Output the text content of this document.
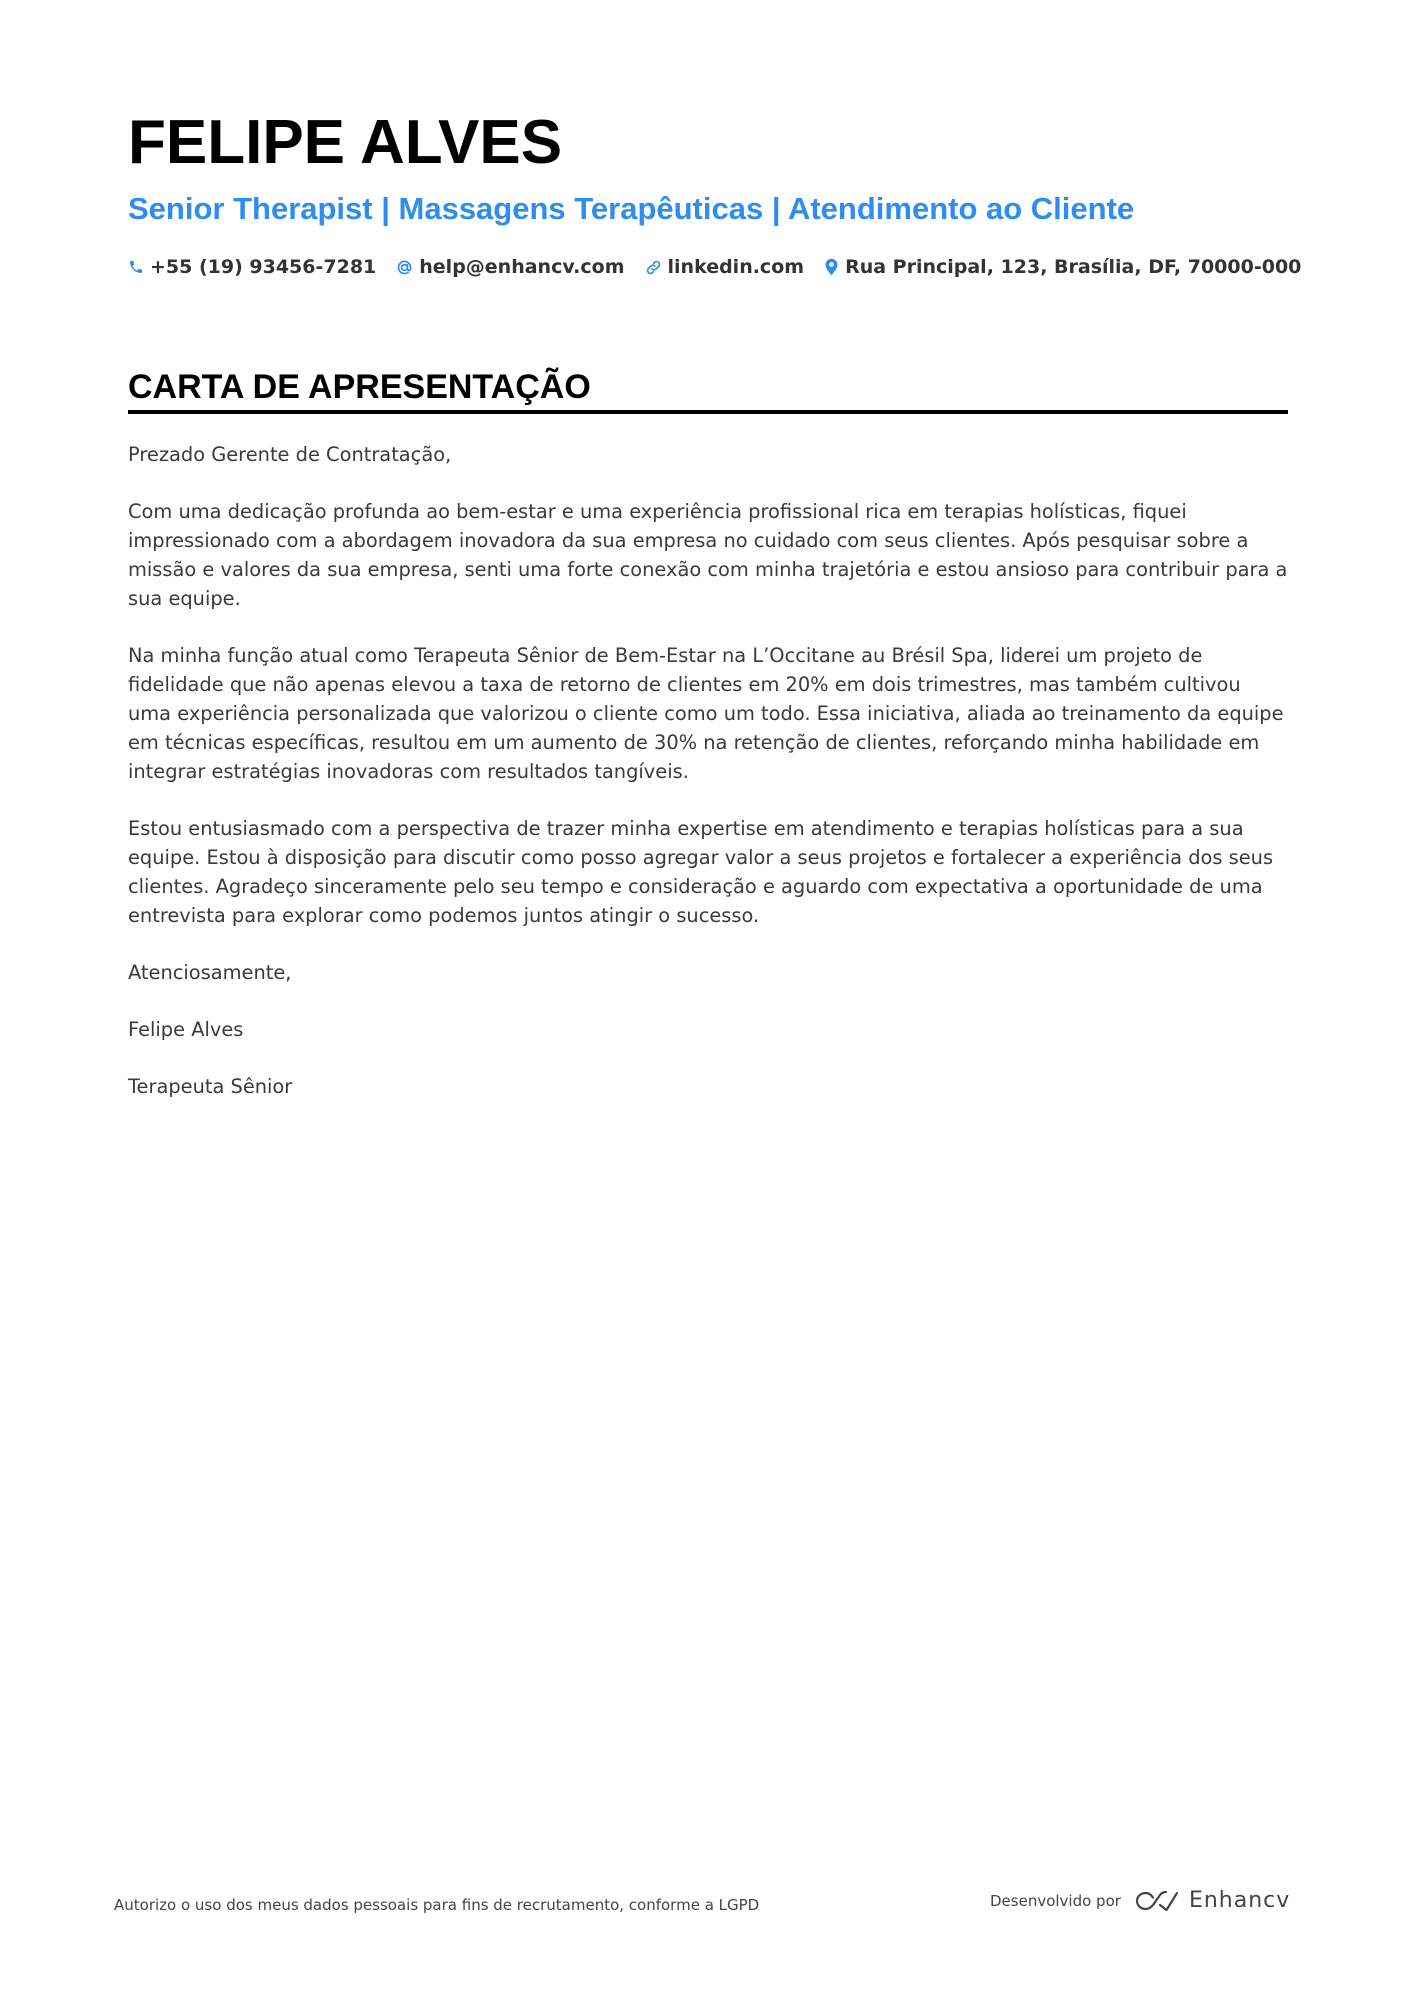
FELIPE ALVES
Senior Therapist | Massagens Terapêuticas | Atendimento ao Cliente
+55 (19) 93456-7281 help@enhancv.com linkedin.com Rua Principal, 123, Brasília, DF, 70000-000
CARTA DE APRESENTAÇÃO

Prezado Gerente de Contratação,

Com uma dedicação profunda ao bem-estar e uma experiência profissional rica em terapias holísticas, fiquei impressionado com a abordagem inovadora da sua empresa no cuidado com seus clientes. Após pesquisar sobre a missão e valores da sua empresa, senti uma forte conexão com minha trajetória e estou ansioso para contribuir para a sua equipe.

Na minha função atual como Terapeuta Sênior de Bem-Estar na L’Occitane au Brésil Spa, liderei um projeto de fidelidade que não apenas elevou a taxa de retorno de clientes em 20% em dois trimestres, mas também cultivou uma experiência personalizada que valorizou o cliente como um todo. Essa iniciativa, aliada ao treinamento da equipe em técnicas específicas, resultou em um aumento de 30% na retenção de clientes, reforçando minha habilidade em integrar estratégias inovadoras com resultados tangíveis.

Estou entusiasmado com a perspectiva de trazer minha expertise em atendimento e terapias holísticas para a sua equipe. Estou à disposição para discutir como posso agregar valor a seus projetos e fortalecer a experiência dos seus clientes. Agradeço sinceramente pelo seu tempo e consideração e aguardo com expectativa a oportunidade de uma entrevista para explorar como podemos juntos atingir o sucesso.

Atenciosamente,

Felipe Alves

Terapeuta Sênior

Autorizo o uso dos meus dados pessoais para fins de recrutamento, conforme a LGPD	Desenvolvido por	Enhancv
